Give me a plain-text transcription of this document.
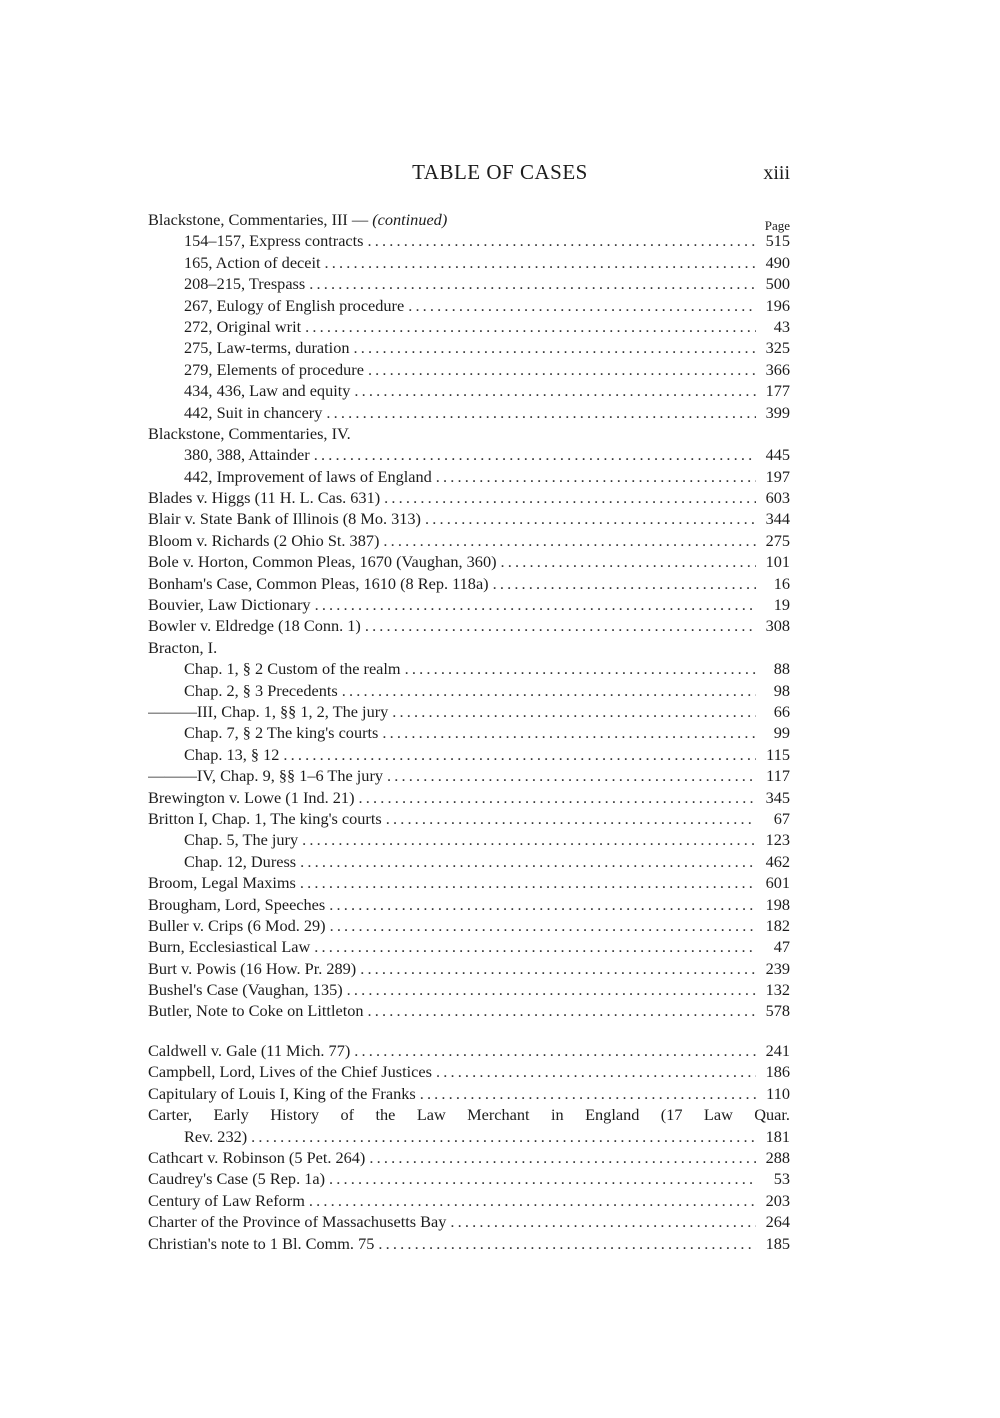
TABLE OF CASES	xiii
Page
Blackstone, Commentaries, III — (continued)
154–157, Express contracts . . .	515
165, Action of deceit . . .	490
208–215, Trespass . . .	500
267, Eulogy of English procedure . . .	196
272, Original writ . . .	43
275, Law-terms, duration . . .	325
279, Elements of procedure . . .	366
434, 436, Law and equity . . .	177
442, Suit in chancery . . .	399
Blackstone, Commentaries, IV.
380, 388, Attainder . . .	445
442, Improvement of laws of England . . .	197
Blades v. Higgs (11 H. L. Cas. 631) . . .	603
Blair v. State Bank of Illinois (8 Mo. 313) . . .	344
Bloom v. Richards (2 Ohio St. 387) . . .	275
Bole v. Horton, Common Pleas, 1670 (Vaughan, 360) . . .	101
Bonham's Case, Common Pleas, 1610 (8 Rep. 118a) . . .	16
Bouvier, Law Dictionary . . .	19
Bowler v. Eldredge (18 Conn. 1) . . .	308
Bracton, I.
Chap. 1, § 2 Custom of the realm . . .	88
Chap. 2, § 3 Precedents . . .	98
———III, Chap. 1, §§ 1, 2, The jury . . .	66
Chap. 7, § 2 The king's courts . . .	99
Chap. 13, § 12 . . .	115
———IV, Chap. 9, §§ 1–6 The jury . . .	117
Brewington v. Lowe (1 Ind. 21) . . .	345
Britton I, Chap. 1, The king's courts . . .	67
Chap. 5, The jury . . .	123
Chap. 12, Duress . . .	462
Broom, Legal Maxims . . .	601
Brougham, Lord, Speeches . . .	198
Buller v. Crips (6 Mod. 29) . . .	182
Burn, Ecclesiastical Law . . .	47
Burt v. Powis (16 How. Pr. 289) . . .	239
Bushel's Case (Vaughan, 135) . . .	132
Butler, Note to Coke on Littleton . . .	578
Caldwell v. Gale (11 Mich. 77) . . .	241
Campbell, Lord, Lives of the Chief Justices . . .	186
Capitulary of Louis I, King of the Franks . . .	110
Carter, Early History of the Law Merchant in England (17 Law Quar.
Rev. 232) . . .	181
Cathcart v. Robinson (5 Pet. 264) . . .	288
Caudrey's Case (5 Rep. 1a) . . .	53
Century of Law Reform . . .	203
Charter of the Province of Massachusetts Bay . . .	264
Christian's note to 1 Bl. Comm. 75 . . .	185
